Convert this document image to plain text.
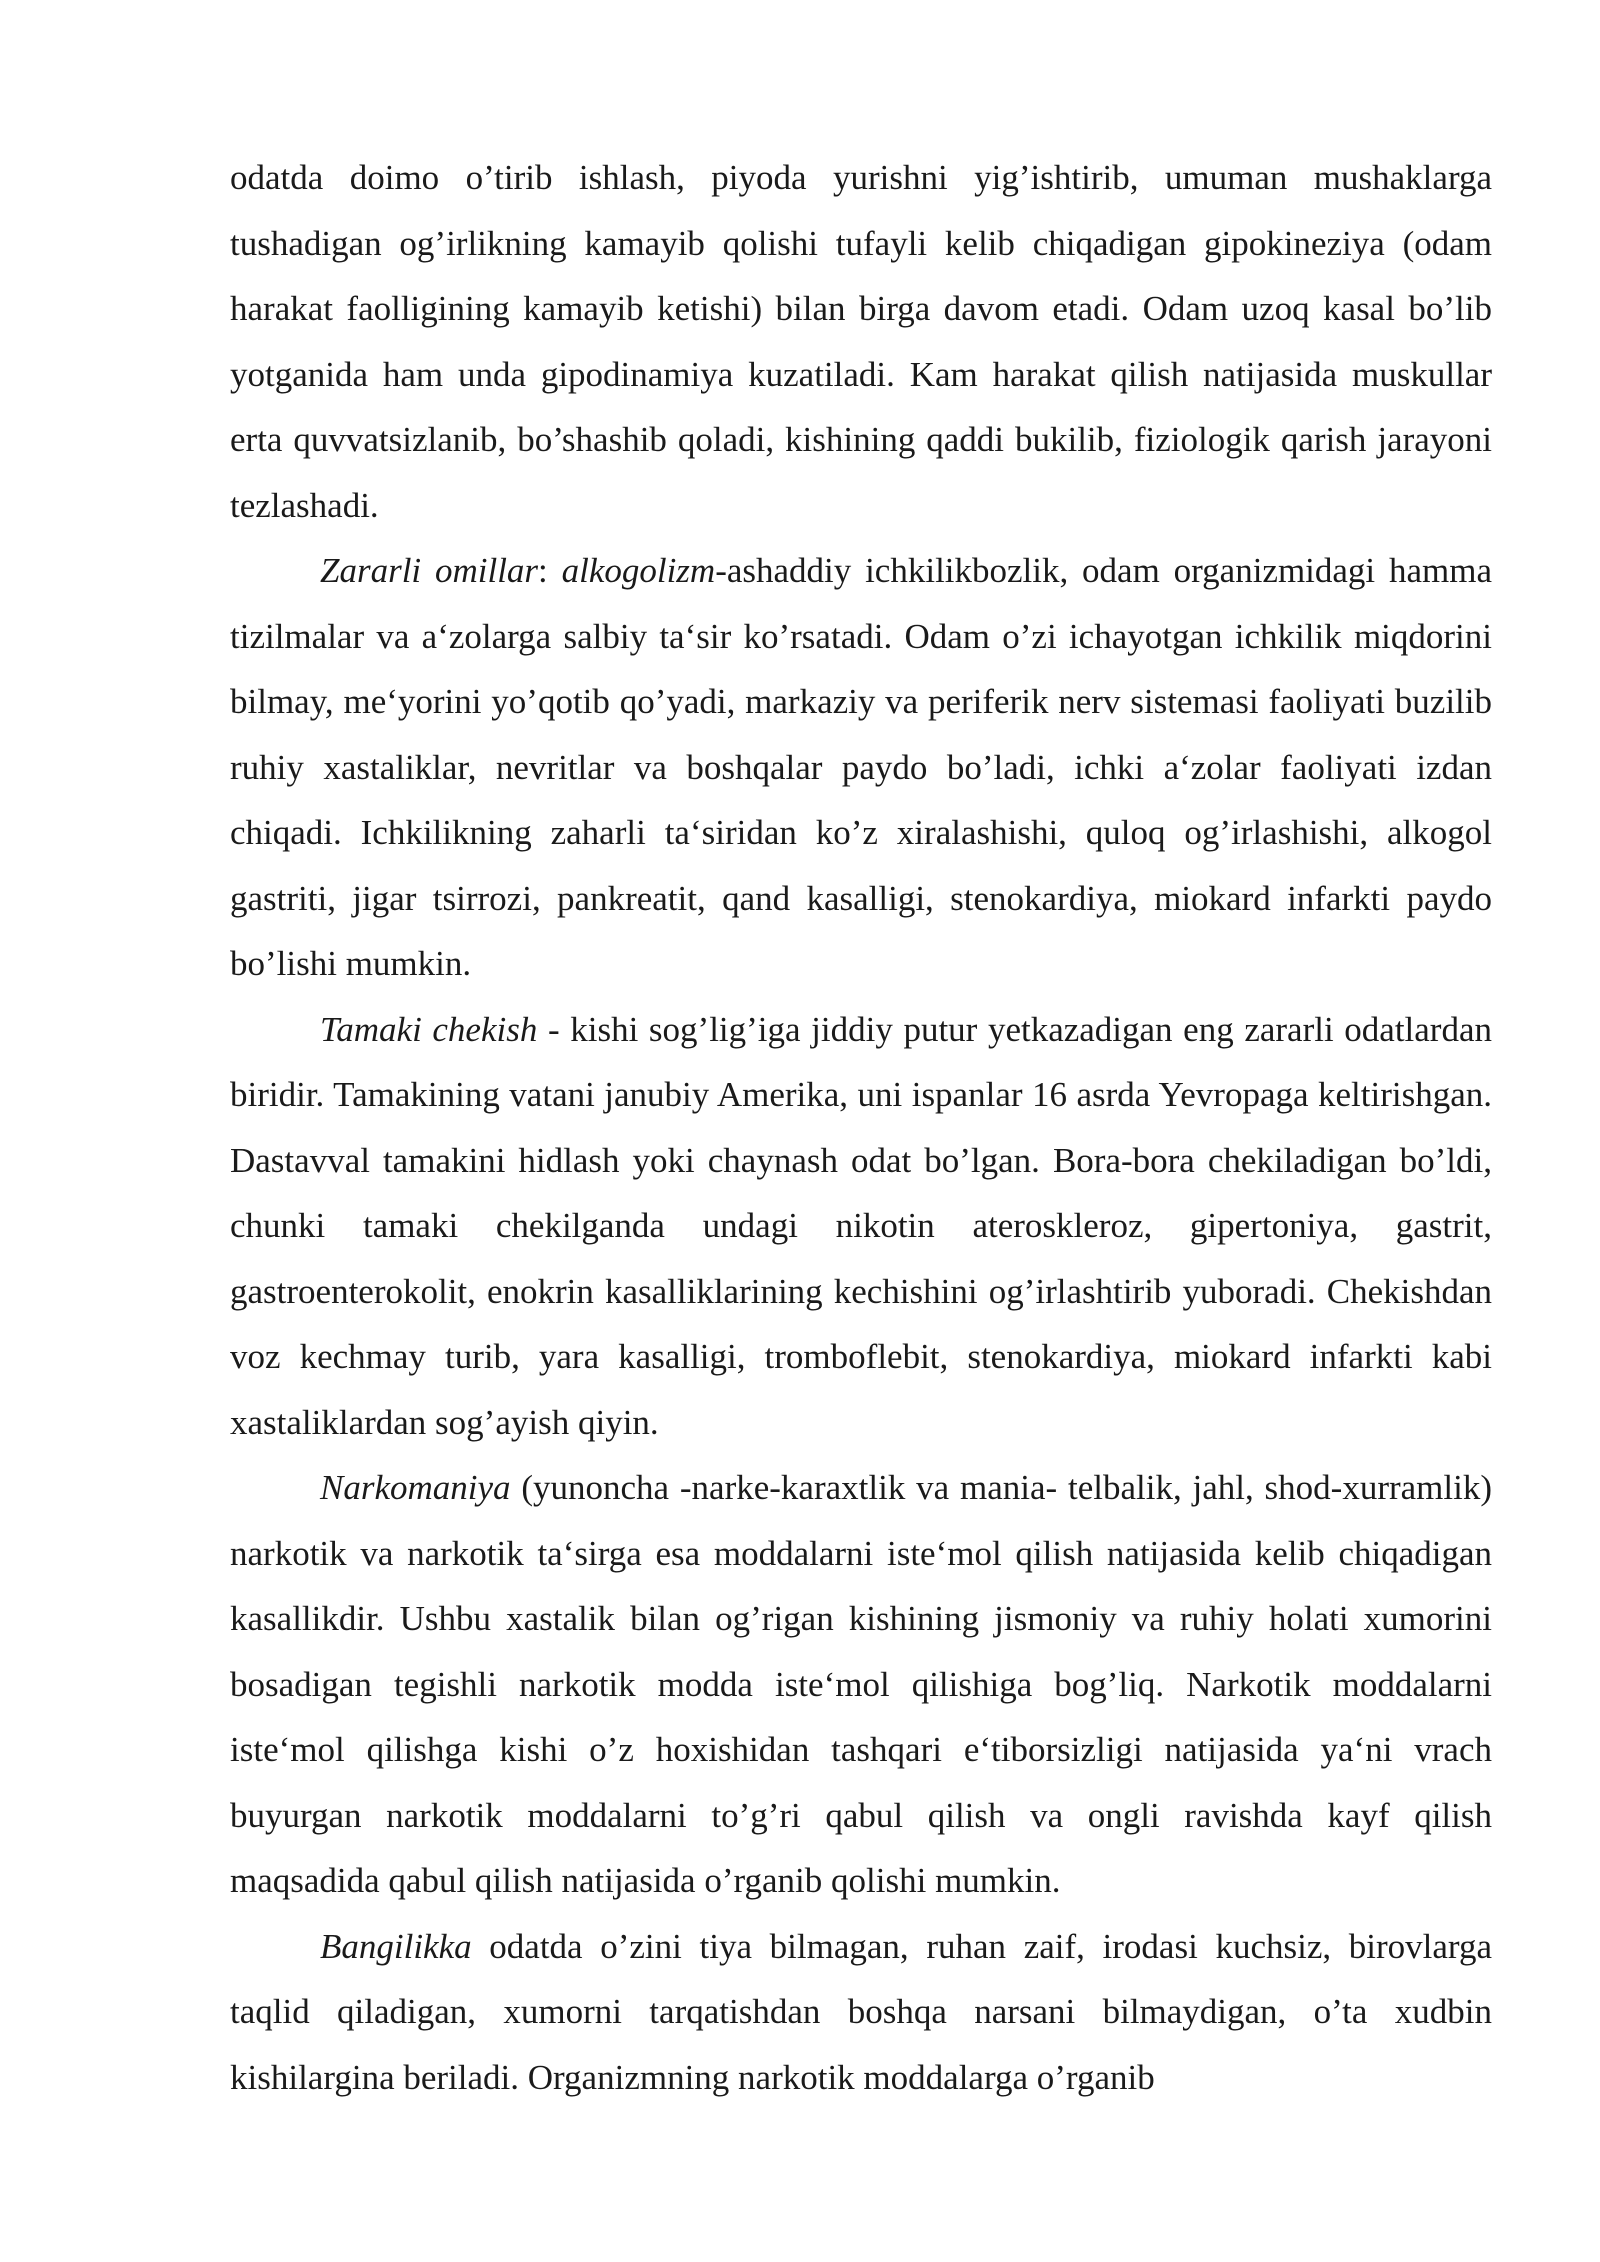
odatda doimo o’tirib ishlash, piyoda yurishni yig’ishtirib, umuman mushaklarga tushadigan og’irlikning kamayib qolishi tufayli kelib chiqadigan gipokineziya (odam harakat faolligining kamayib ketishi) bilan birga davom etadi. Odam uzoq kasal bo’lib yotganida ham unda gipodinamiya kuzatiladi. Kam harakat qilish natijasida muskullar erta quvvatsizlanib, bo’shashib qoladi, kishining qaddi bukilib, fiziologik qarish jarayoni tezlashadi.

Zararli omillar: alkogolizm-ashaddiy ichkilikbozlik, odam organizmidagi hamma tizilmalar va a‘zolarga salbiy ta‘sir ko’rsatadi. Odam o’zi ichayotgan ichkilik miqdorini bilmay, me‘yorini yo’qotib qo’yadi, markaziy va periferik nerv sistemasi faoliyati buzilib ruhiy xastaliklar, nevritlar va boshqalar paydo bo’ladi, ichki a‘zolar faoliyati izdan chiqadi. Ichkilikning zaharli ta‘siridan ko’z xiralashishi, quloq og’irlashishi, alkogol gastriti, jigar tsirrozi, pankreatit, qand kasalligi, stenokardiya, miokard infarkti paydo bo’lishi mumkin.

Tamaki chekish - kishi sog’lig’iga jiddiy putur yetkazadigan eng zararli odatlardan biridir. Tamakining vatani janubiy Amerika, uni ispanlar 16 asrda Yevropaga keltirishgan. Dastavval tamakini hidlash yoki chaynash odat bo’lgan. Bora-bora chekiladigan bo’ldi, chunki tamaki chekilganda undagi nikotin ateroskleroz, gipertoniya, gastrit, gastroenterokolit, enokrin kasalliklarining kechishini og’irlashtirib yuboradi. Chekishdan voz kechmay turib, yara kasalligi, tromboflebit, stenokardiya, miokard infarkti kabi xastaliklardan sog’ayish qiyin.

Narkomaniya (yunoncha -narke-karaxtlik va mania- telbalik, jahl, shod-xurramlik) narkotik va narkotik ta‘sirga esa moddalarni iste‘mol qilish natijasida kelib chiqadigan kasallikdir. Ushbu xastalik bilan og’rigan kishining jismoniy va ruhiy holati xumorini bosadigan tegishli narkotik modda iste‘mol qilishiga bog’liq. Narkotik moddalarni iste‘mol qilishga kishi o’z hoxishidan tashqari e‘tiborsizligi natijasida ya‘ni vrach buyurgan narkotik moddalarni to’g’ri qabul qilish va ongli ravishda kayf qilish maqsadida qabul qilish natijasida o’rganib qolishi mumkin.

Bangilikka odatda o’zini tiya bilmagan, ruhan zaif, irodasi kuchsiz, birovlarga taqlid qiladigan, xumorni tarqatishdan boshqa narsani bilmaydigan, o’ta xudbin kishilargina beriladi. Organizmning narkotik moddalarga o’rganib
